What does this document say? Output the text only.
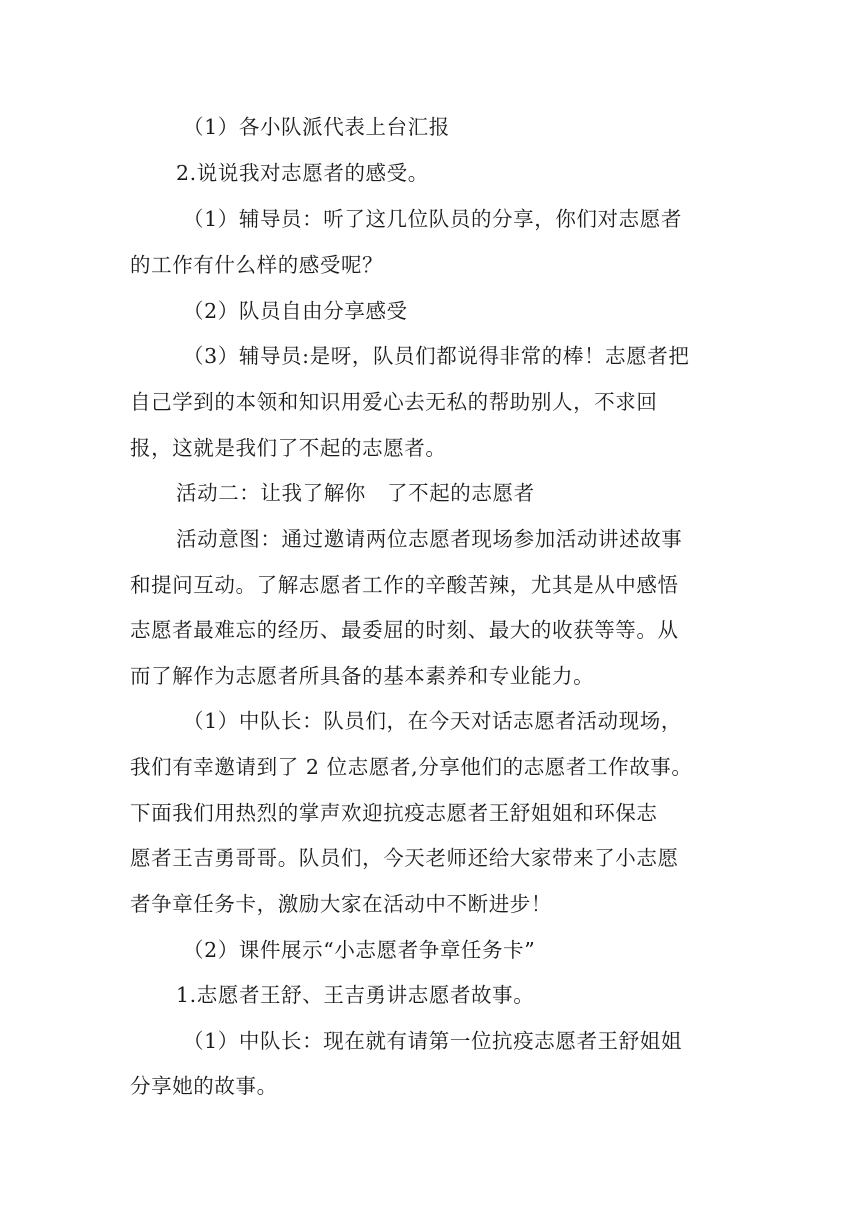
（1）各小队派代表上台汇报
2.说说我对志愿者的感受。
（1）辅导员：听了这几位队员的分享，你们对志愿者
的工作有什么样的感受呢？
（2）队员自由分享感受
（3）辅导员:是呀，队员们都说得非常的棒！志愿者把
自己学到的本领和知识用爱心去无私的帮助别人，不求回
报，这就是我们了不起的志愿者。
活动二：让我了解你　了不起的志愿者
活动意图：通过邀请两位志愿者现场参加活动讲述故事
和提问互动。了解志愿者工作的辛酸苦辣，尤其是从中感悟
志愿者最难忘的经历、最委屈的时刻、最大的收获等等。从
而了解作为志愿者所具备的基本素养和专业能力。
（1）中队长：队员们，在今天对话志愿者活动现场，
我们有幸邀请到了 2 位志愿者,分享他们的志愿者工作故事。
下面我们用热烈的掌声欢迎抗疫志愿者王舒姐姐和环保志
愿者王吉勇哥哥。队员们，今天老师还给大家带来了小志愿
者争章任务卡，激励大家在活动中不断进步！
（2）课件展示“小志愿者争章任务卡”
1.志愿者王舒、王吉勇讲志愿者故事。
（1）中队长：现在就有请第一位抗疫志愿者王舒姐姐
分享她的故事。
